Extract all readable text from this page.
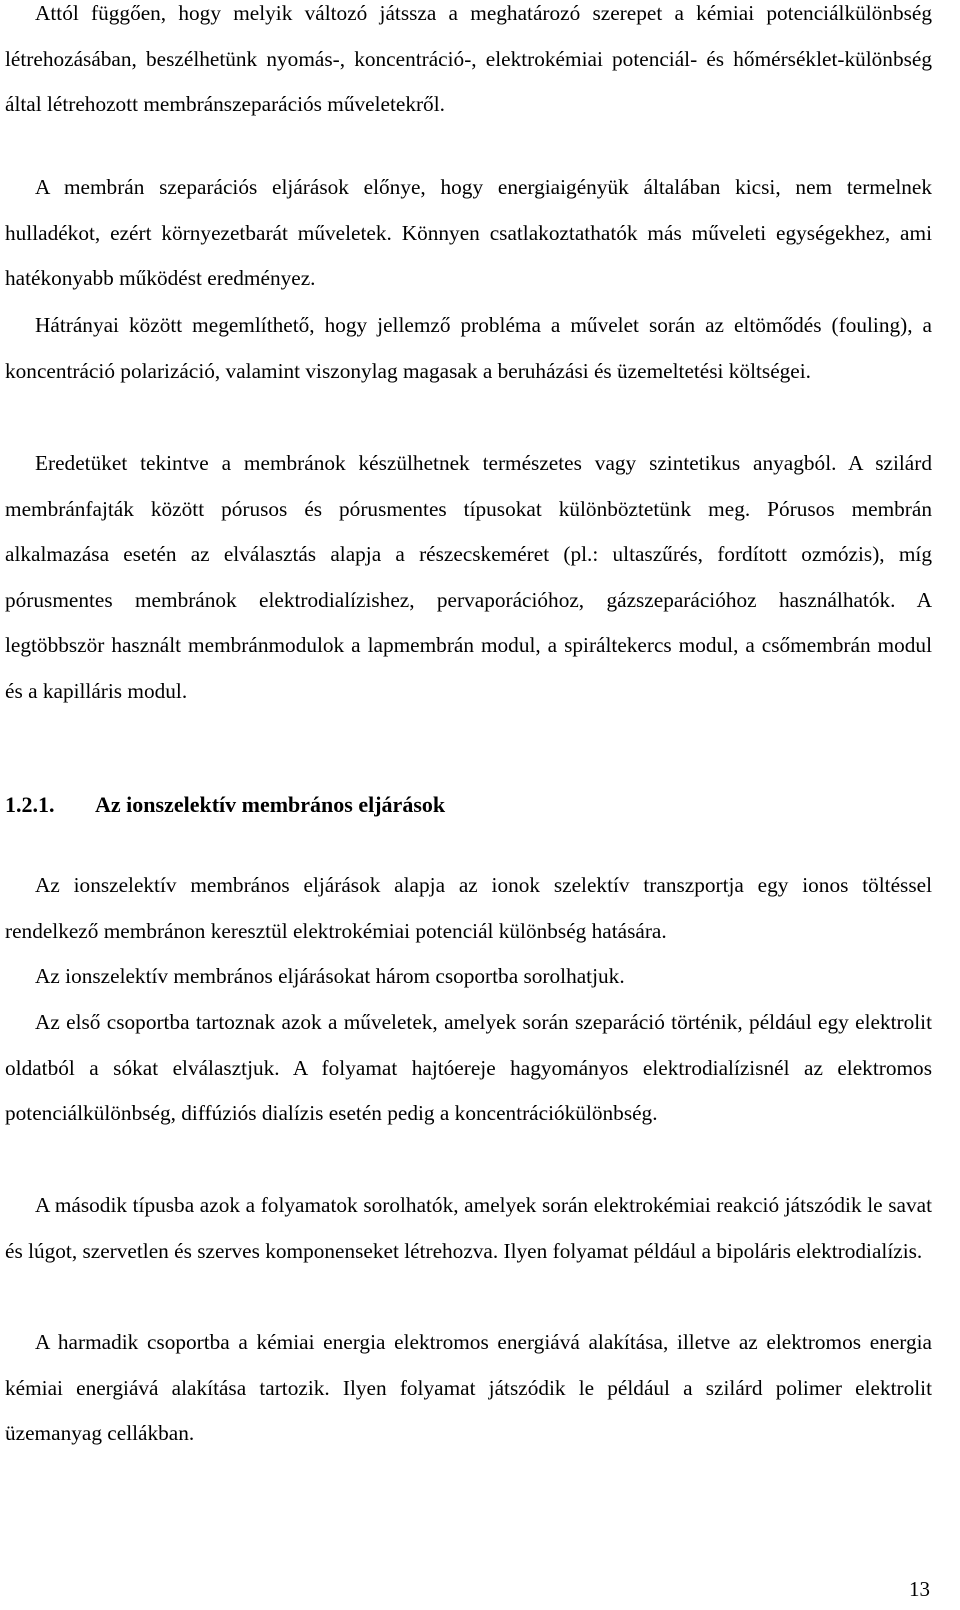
Attól függően, hogy melyik változó játssza a meghatározó szerepet a kémiai potenciálkülönbség létrehozásában, beszélhetünk nyomás-, koncentráció-, elektrokémiai potenciál- és hőmérséklet-különbség által létrehozott membránszeparációs műveletekről.

A membrán szeparációs eljárások előnye, hogy energiaigényük általában kicsi, nem termelnek hulladékot, ezért környezetbarát műveletek. Könnyen csatlakoztathatók más műveleti egységekhez, ami hatékonyabb működést eredményez.

Hátrányai között megemlíthető, hogy jellemző probléma a művelet során az eltömődés (fouling), a koncentráció polarizáció, valamint viszonylag magasak a beruházási és üzemeltetési költségei.

Eredetüket tekintve a membránok készülhetnek természetes vagy szintetikus anyagból. A szilárd membránfajták között pórusos és pórusmentes típusokat különböztetünk meg. Pórusos membrán alkalmazása esetén az elválasztás alapja a részecskeméret (pl.: ultaszűrés, fordított ozmózis), míg pórusmentes membránok elektrodialízishez, pervaporációhoz, gázszeparációhoz használhatók. A legtöbbször használt membránmodulok a lapmembrán modul, a spiráltekercs modul, a csőmembrán modul és a kapilláris modul.

1.2.1. Az ionszelektív membrános eljárások

Az ionszelektív membrános eljárások alapja az ionok szelektív transzportja egy ionos töltéssel rendelkező membránon keresztül elektrokémiai potenciál különbség hatására.

Az ionszelektív membrános eljárásokat három csoportba sorolhatjuk.

Az első csoportba tartoznak azok a műveletek, amelyek során szeparáció történik, például egy elektrolit oldatból a sókat elválasztjuk. A folyamat hajtóereje hagyományos elektrodialízisnél az elektromos potenciálkülönbség, diffúziós dialízis esetén pedig a koncentrációkülönbség.

A második típusba azok a folyamatok sorolhatók, amelyek során elektrokémiai reakció játszódik le savat és lúgot, szervetlen és szerves komponenseket létrehozva. Ilyen folyamat például a bipoláris elektrodialízis.

A harmadik csoportba a kémiai energia elektromos energiává alakítása, illetve az elektromos energia kémiai energiává alakítása tartozik. Ilyen folyamat játszódik le például a szilárd polimer elektrolit üzemanyag cellákban.

13
